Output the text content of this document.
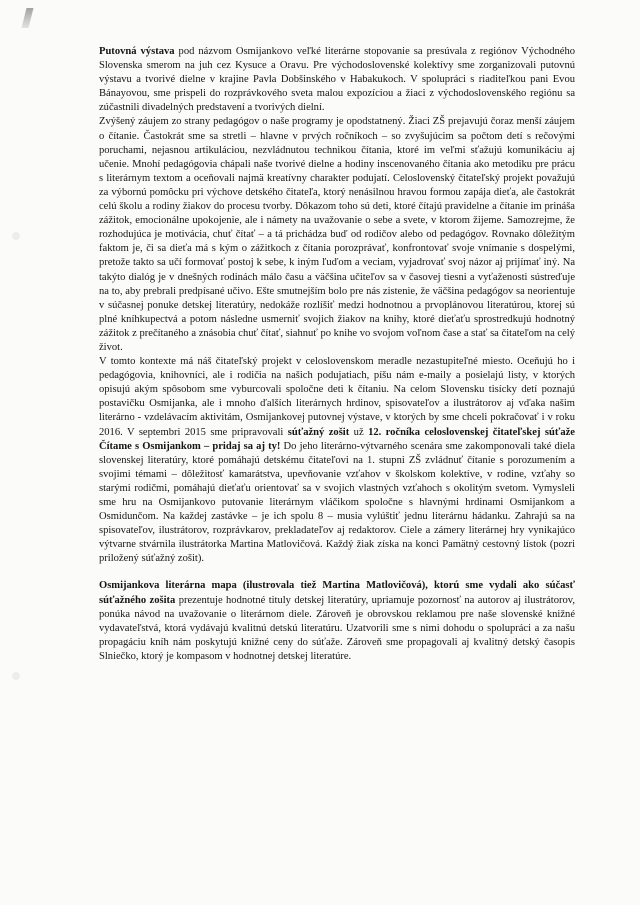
Putovná výstava pod názvom Osmijankovo veľké literárne stopovanie sa presúvala z regiónov Východného Slovenska smerom na juh cez Kysuce a Oravu. Pre východoslovenské kolektívy sme zorganizovali putovnú výstavu a tvorivé dielne v krajine Pavla Dobšinského v Habakukoch. V spolupráci s riaditeľkou pani Evou Bánayovou, sme prispeli do rozprávkového sveta malou expozíciou a žiaci z východoslovenského regiónu sa zúčastnili divadelných predstavení a tvorivých dielní.

Zvýšený záujem zo strany pedagógov o naše programy je opodstatnený. Žiaci ZŠ prejavujú čoraz menší záujem o čítanie. Častokrát sme sa stretli – hlavne v prvých ročníkoch – so zvyšujúcim sa počtom detí s rečovými poruchami, nejasnou artikuláciou, nezvládnutou technikou čítania, ktoré im veľmi sťažujú komunikáciu aj učenie. Mnohí pedagógovia chápali naše tvorivé dielne a hodiny inscenovaného čítania ako metodiku pre prácu s literárnym textom a oceňovali najmä kreatívny charakter podujatí. Celoslovenský čitateľský projekt považujú za výbornú pomôcku pri výchove detského čitateľa, ktorý nenásilnou hravou formou zapája dieťa, ale častokrát celú školu a rodiny žiakov do procesu tvorby. Dôkazom toho sú deti, ktoré čítajú pravidelne a čítanie im prináša zážitok, emocionálne upokojenie, ale i námety na uvažovanie o sebe a svete, v ktorom žijeme. Samozrejme, že rozhodujúca je motivácia, chuť čítať – a tá prichádza buď od rodičov alebo od pedagógov. Rovnako dôležitým faktom je, či sa dieťa má s kým o zážitkoch z čítania porozprávať, konfrontovať svoje vnímanie s dospelými, pretože takto sa učí formovať postoj k sebe, k iným ľuďom a veciam, vyjadrovať svoj názor aj prijímať iný. Na takýto dialóg je v dnešných rodinách málo času a väčšina učiteľov sa v časovej tiesni a vyťaženosti sústreďuje na to, aby prebrali predpísané učivo. Ešte smutnejším bolo pre nás zistenie, že väčšina pedagógov sa neorientuje v súčasnej ponuke detskej literatúry, nedokáže rozlíšiť medzi hodnotnou a prvoplánovou literatúrou, ktorej sú plné kníhkupectvá a potom následne usmerniť svojich žiakov na knihy, ktoré dieťaťu sprostredkujú hodnotný zážitok z prečítaného a znásobia chuť čítať, siahnuť po knihe vo svojom voľnom čase a stať sa čitateľom na celý život.

V tomto kontexte má náš čitateľský projekt v celoslovenskom meradle nezastupiteľné miesto. Oceňujú ho i pedagógovia, knihovníci, ale i rodičia na našich podujatiach, píšu nám e-maily a posielajú listy, v ktorých opisujú akým spôsobom sme vyburcovali spoločne deti k čítaniu. Na celom Slovensku tisícky detí poznajú postavičku Osmijanka, ale i mnoho ďalších literárnych hrdinov, spisovateľov a ilustrátorov aj vďaka našim literárno - vzdelávacím aktivitám, Osmijankovej putovnej výstave, v ktorých by sme chceli pokračovať i v roku 2016. V septembri 2015 sme pripravovali súťažný zošit už 12. ročníka celoslovenskej čitateľskej súťaže Čítame s Osmijankom – pridaj sa aj ty! Do jeho literárno-výtvarného scenára sme zakomponovali také diela slovenskej literatúry, ktoré pomáhajú detskému čitateľovi na 1. stupni ZŠ zvládnuť čítanie s porozumením a svojimi témami – dôležitosť kamarátstva, upevňovanie vzťahov v školskom kolektíve, v rodine, vzťahy so starými rodičmi, pomáhajú dieťaťu orientovať sa v svojich vlastných vzťahoch s okolitým svetom. Vymysleli sme hru na Osmijankovo putovanie literárnym vláčikom spoločne s hlavnými hrdinami Osmijankom a Osmidunčom. Na každej zastávke – je ich spolu 8 – musia vylúštiť jednu literárnu hádanku. Zahrajú sa na spisovateľov, ilustrátorov, rozprávkarov, prekladateľov aj redaktorov. Ciele a zámery literárnej hry vynikajúco výtvarne stvárnila ilustrátorka Martina Matlovičová. Každý žiak získa na konci Pamätný cestovný lístok (pozri priložený súťažný zošit).

Osmijankova literárna mapa (ilustrovala tiež Martina Matlovičová), ktorú sme vydali ako súčasť súťažného zošita prezentuje hodnotné tituly detskej literatúry, upriamuje pozornosť na autorov aj ilustrátorov, ponúka návod na uvažovanie o literárnom diele. Zároveň je obrovskou reklamou pre naše slovenské knižné vydavateľstvá, ktorá vydávajú kvalitnú detskú literatúru. Uzatvorili sme s nimi dohodu o spolupráci a za našu propagáciu kníh nám poskytujú knižné ceny do súťaže. Zároveň sme propagovali aj kvalitný detský časopis Slniečko, ktorý je kompasom v hodnotnej detskej literatúre.
